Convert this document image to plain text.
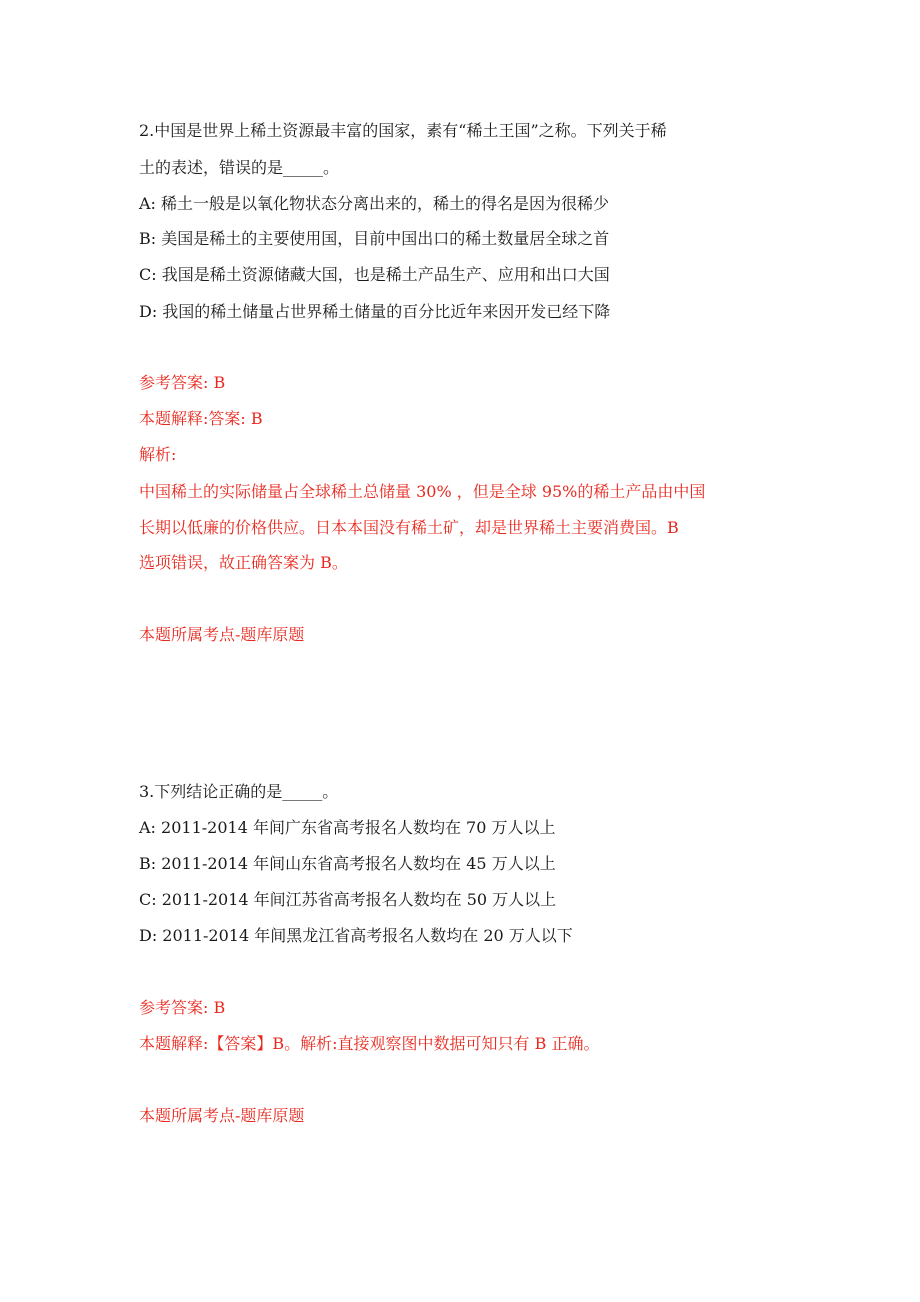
2.中国是世界上稀土资源最丰富的国家，素有“稀土王国”之称。下列关于稀
土的表述，错误的是_____。
A: 稀土一般是以氧化物状态分离出来的，稀土的得名是因为很稀少
B: 美国是稀土的主要使用国，目前中国出口的稀土数量居全球之首
C: 我国是稀土资源储藏大国，也是稀土产品生产、应用和出口大国
D: 我国的稀土储量占世界稀土储量的百分比近年来因开发已经下降
参考答案: B
本题解释:答案: B
解析:
中国稀土的实际储量占全球稀土总储量 30% ，但是全球 95%的稀土产品由中国
长期以低廉的价格供应。日本本国没有稀土矿，却是世界稀土主要消费国。B
选项错误，故正确答案为 B。
本题所属考点-题库原题
3.下列结论正确的是_____。
A: 2011-2014 年间广东省高考报名人数均在 70 万人以上
B: 2011-2014 年间山东省高考报名人数均在 45 万人以上
C: 2011-2014 年间江苏省高考报名人数均在 50 万人以上
D: 2011-2014 年间黑龙江省高考报名人数均在 20 万人以下
参考答案: B
本题解释:【答案】B。解析:直接观察图中数据可知只有 B 正确。
本题所属考点-题库原题
